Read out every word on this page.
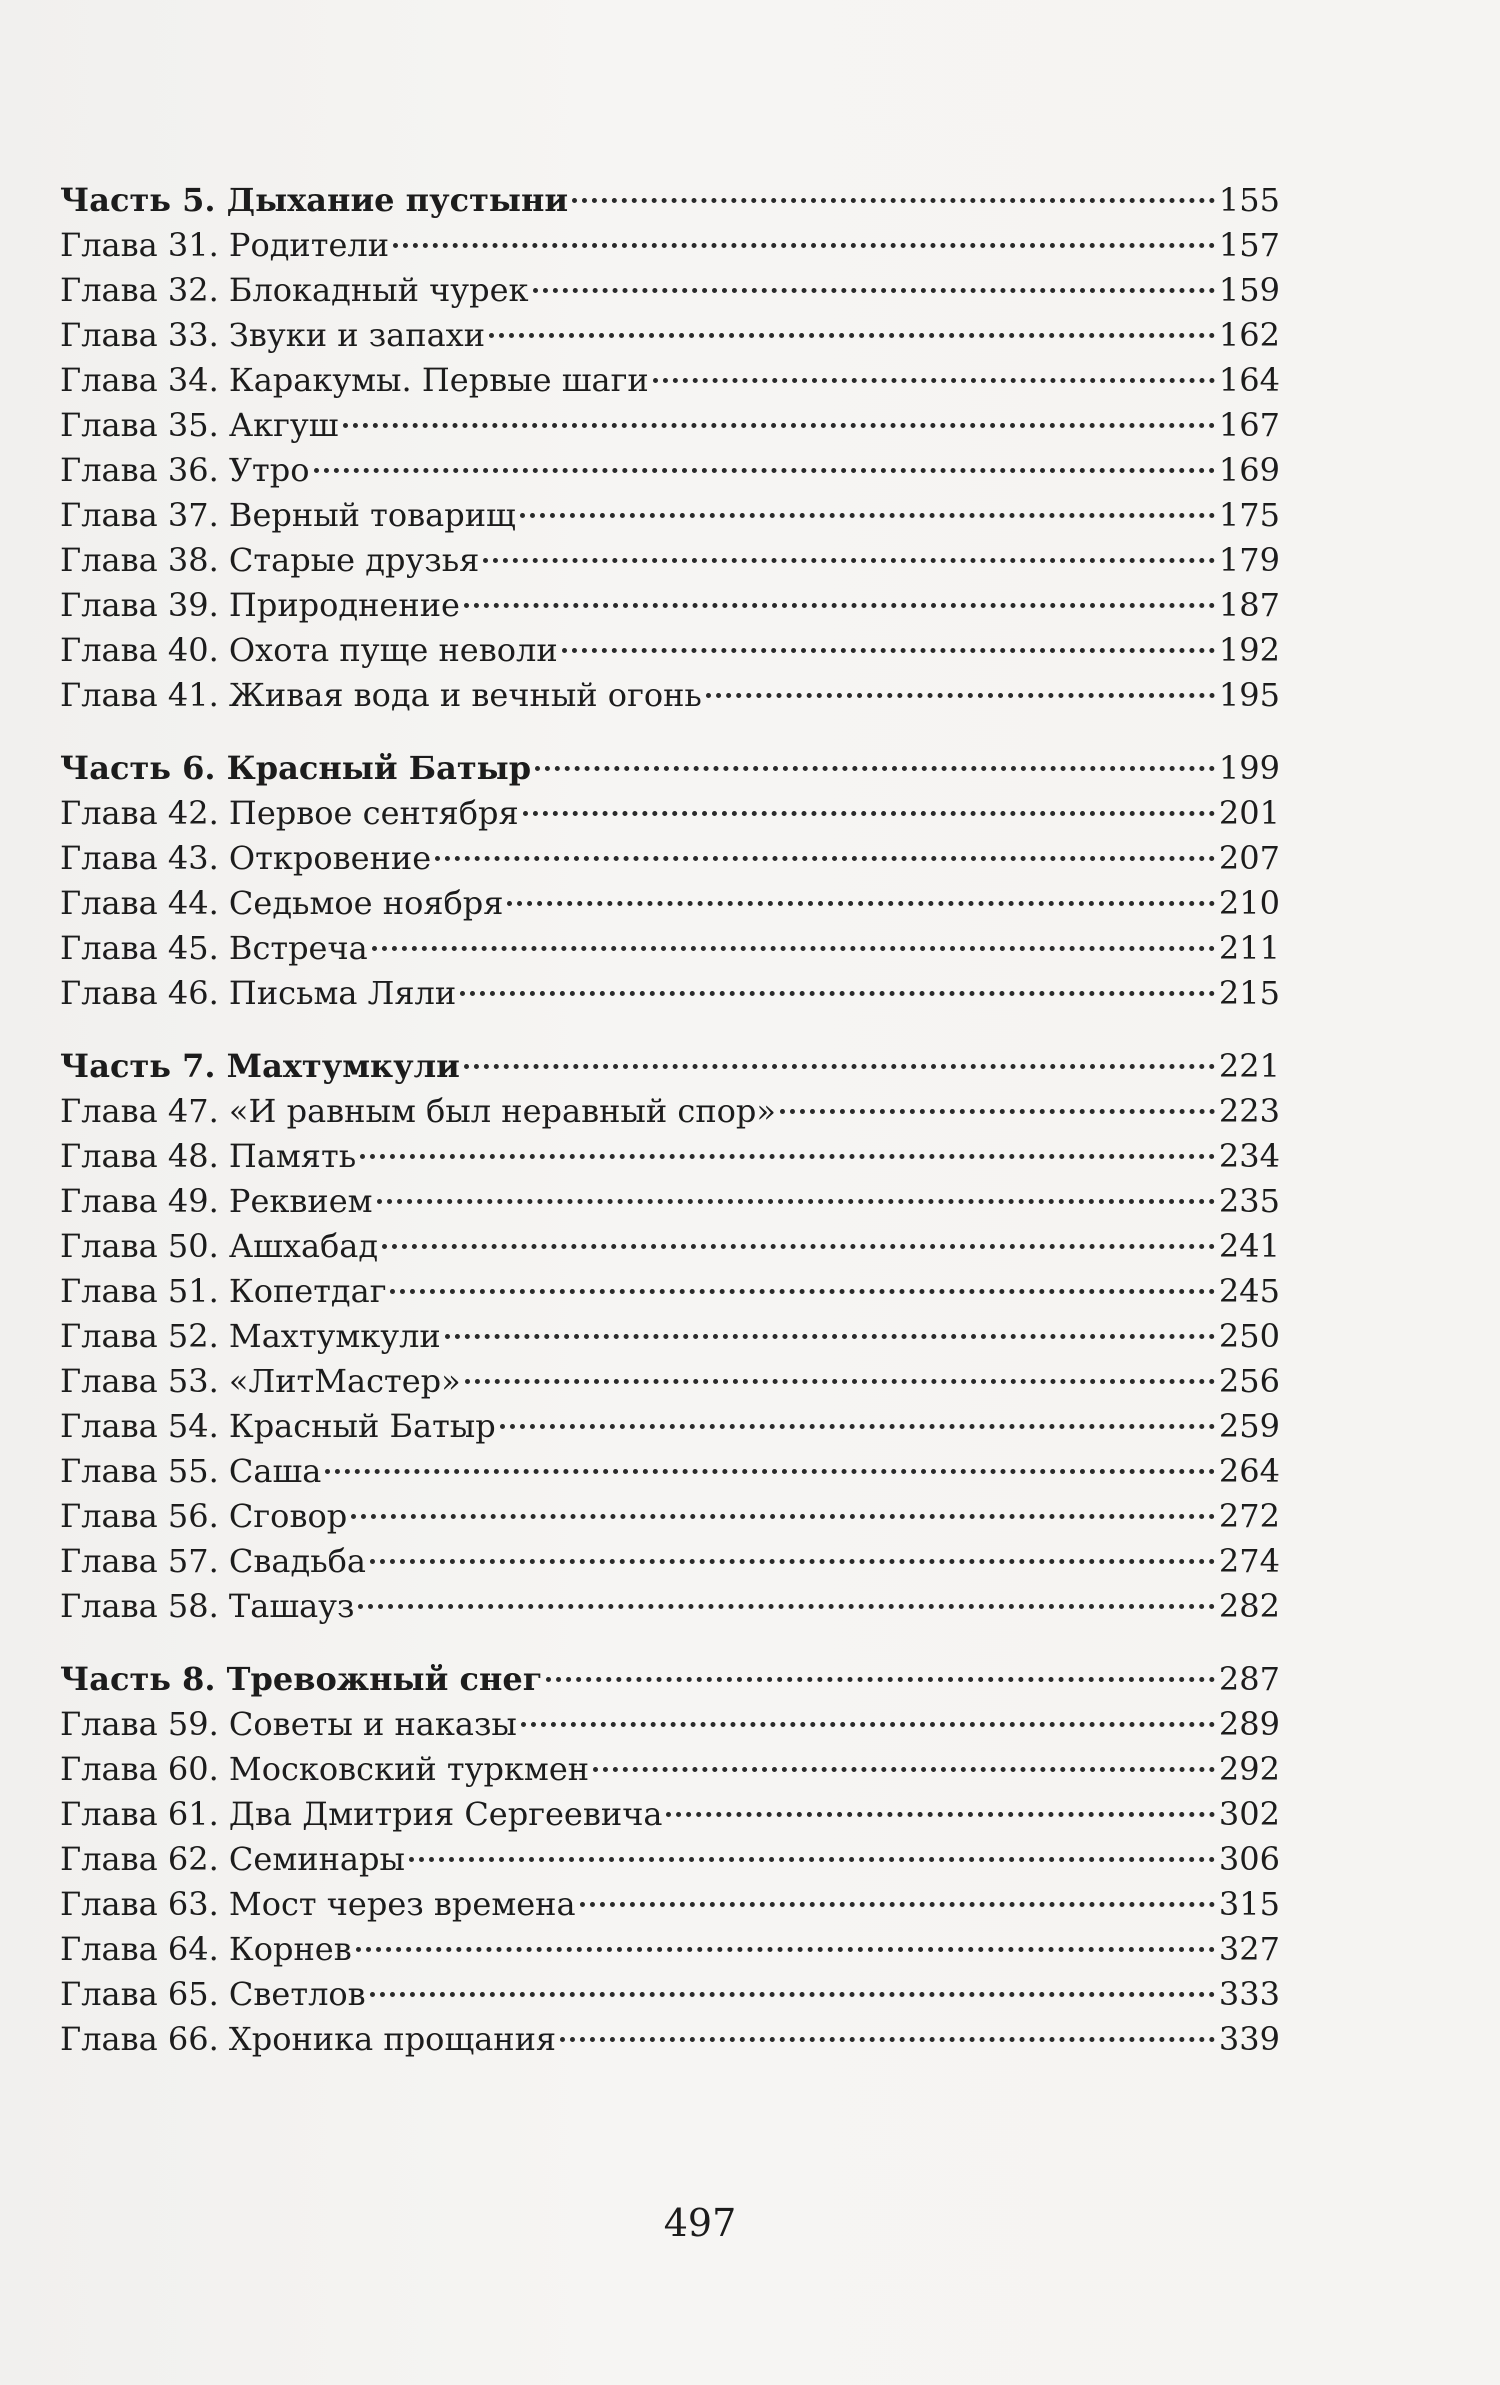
Часть 5. Дыхание пустыни	155
Глава 31. Родители	157
Глава 32. Блокадный чурек	159
Глава 33. Звуки и запахи	162
Глава 34. Каракумы. Первые шаги	164
Глава 35. Акгуш	167
Глава 36. Утро	169
Глава 37. Верный товарищ	175
Глава 38. Старые друзья	179
Глава 39. Природнение	187
Глава 40. Охота пуще неволи	192
Глава 41. Живая вода и вечный огонь	195
Часть 6. Красный Батыр	199
Глава 42. Первое сентября	201
Глава 43. Откровение	207
Глава 44. Седьмое ноября	210
Глава 45. Встреча	211
Глава 46. Письма Ляли	215
Часть 7. Махтумкули	221
Глава 47. «И равным был неравный спор»	223
Глава 48. Память	234
Глава 49. Реквием	235
Глава 50. Ашхабад	241
Глава 51. Копетдаг	245
Глава 52. Махтумкули	250
Глава 53. «ЛитМастер»	256
Глава 54. Красный Батыр	259
Глава 55. Саша	264
Глава 56. Сговор	272
Глава 57. Свадьба	274
Глава 58. Ташауз	282
Часть 8. Тревожный снег	287
Глава 59. Советы и наказы	289
Глава 60. Московский туркмен	292
Глава 61. Два Дмитрия Сергеевича	302
Глава 62. Семинары	306
Глава 63. Мост через времена	315
Глава 64. Корнев	327
Глава 65. Светлов	333
Глава 66. Хроника прощания	339
497
